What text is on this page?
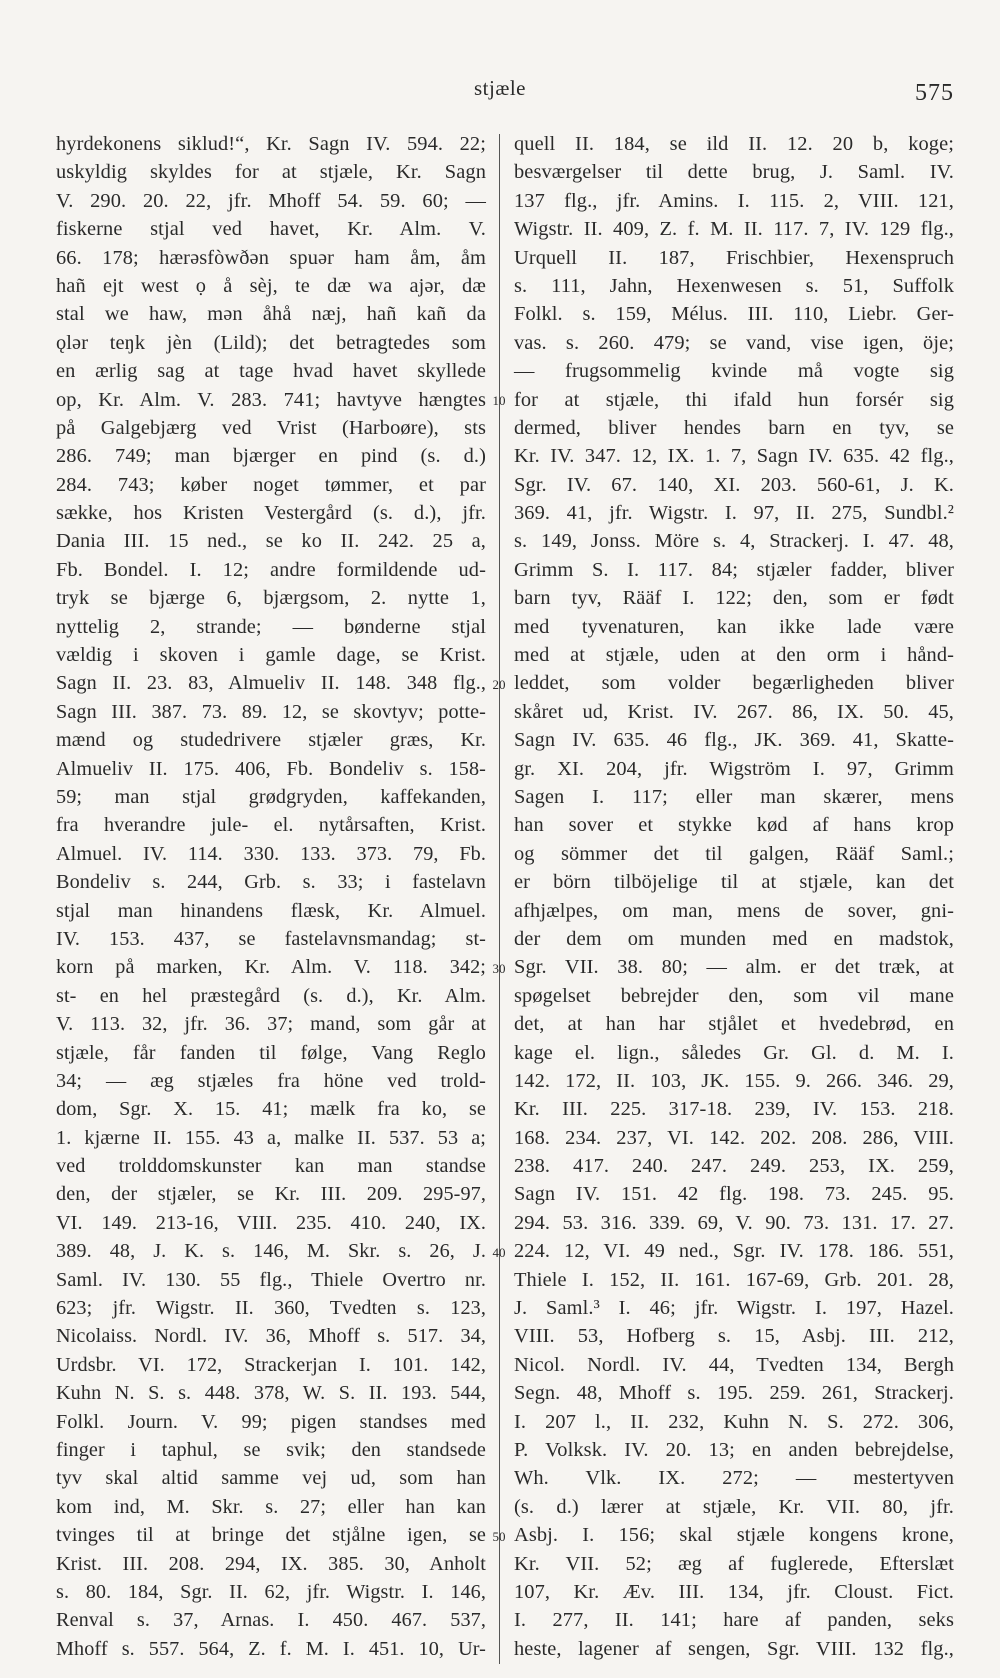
stjæle	575
hyrdekonens siklud!“, Kr. Sagn IV. 594. 22;
uskyldig skyldes for at stjæle, Kr. Sagn
V. 290. 20. 22, jfr. Mhoff 54. 59. 60; —
fiskerne stjal ved havet, Kr. Alm. V.
66. 178; hærəsfòwðən spuər ham åm, åm
hañ ejt west ọ å sèj, te dæ wa ajər, dæ
stal we haw, mən åhå næj, hañ kañ da
ǫlər teŋk jèn (Lild); det betragtedes som
en ærlig sag at tage hvad havet skyllede
op, Kr. Alm. V. 283. 741; havtyve hængtes
på Galgebjærg ved Vrist (Harboøre), sts
286. 749; man bjærger en pind (s. d.)
284. 743; køber noget tømmer, et par
sække, hos Kristen Vestergård (s. d.), jfr.
Dania III. 15 ned., se ko II. 242. 25 a,
Fb. Bondel. I. 12; andre formildende ud-
tryk se bjærge 6, bjærgsom, 2. nytte 1,
nyttelig 2, strande; — bønderne stjal
vældig i skoven i gamle dage, se Krist.
Sagn II. 23. 83, Almueliv II. 148. 348 flg.,
Sagn III. 387. 73. 89. 12, se skovtyv; potte-
mænd og studedrivere stjæler græs, Kr.
Almueliv II. 175. 406, Fb. Bondeliv s. 158-
59; man stjal grødgryden, kaffekanden,
fra hverandre jule- el. nytårsaften, Krist.
Almuel. IV. 114. 330. 133. 373. 79, Fb.
Bondeliv s. 244, Grb. s. 33; i fastelavn
stjal man hinandens flæsk, Kr. Almuel.
IV. 153. 437, se fastelavnsmandag; st-
korn på marken, Kr. Alm. V. 118. 342;
st- en hel præstegård (s. d.), Kr. Alm.
V. 113. 32, jfr. 36. 37; mand, som går at
stjæle, får fanden til følge, Vang Reglo
34; — æg stjæles fra höne ved trold-
dom, Sgr. X. 15. 41; mælk fra ko, se
1. kjærne II. 155. 43 a, malke II. 537. 53 a;
ved trolddomskunster kan man standse
den, der stjæler, se Kr. III. 209. 295-97,
VI. 149. 213-16, VIII. 235. 410. 240, IX.
389. 48, J. K. s. 146, M. Skr. s. 26, J.
Saml. IV. 130. 55 flg., Thiele Overtro nr.
623; jfr. Wigstr. II. 360, Tvedten s. 123,
Nicolaiss. Nordl. IV. 36, Mhoff s. 517. 34,
Urdsbr. VI. 172, Strackerjan I. 101. 142,
Kuhn N. S. s. 448. 378, W. S. II. 193. 544,
Folkl. Journ. V. 99; pigen standses med
finger i taphul, se svik; den standsede
tyv skal altid samme vej ud, som han
kom ind, M. Skr. s. 27; eller han kan
tvinges til at bringe det stjålne igen, se
Krist. III. 208. 294, IX. 385. 30, Anholt
s. 80. 184, Sgr. II. 62, jfr. Wigstr. I. 146,
Renval s. 37, Arnas. I. 450. 467. 537,
Mhoff s. 557. 564, Z. f. M. I. 451. 10, Ur-
quell II. 184, se ild II. 12. 20 b, koge;
besværgelser til dette brug, J. Saml. IV.
137 flg., jfr. Amins. I. 115. 2, VIII. 121,
Wigstr. II. 409, Z. f. M. II. 117. 7, IV. 129 flg.,
Urquell II. 187, Frischbier, Hexenspruch
s. 111, Jahn, Hexenwesen s. 51, Suffolk
Folkl. s. 159, Mélus. III. 110, Liebr. Ger-
vas. s. 260. 479; se vand, vise igen, öje;
— frugsommelig kvinde må vogte sig
for at stjæle, thi ifald hun forsér sig
dermed, bliver hendes barn en tyv, se
Kr. IV. 347. 12, IX. 1. 7, Sagn IV. 635. 42 flg.,
Sgr. IV. 67. 140, XI. 203. 560-61, J. K.
369. 41, jfr. Wigstr. I. 97, II. 275, Sundbl.²
s. 149, Jonss. Möre s. 4, Strackerj. I. 47. 48,
Grimm S. I. 117. 84; stjæler fadder, bliver
barn tyv, Rääf I. 122; den, som er født
med tyvenaturen, kan ikke lade være
med at stjæle, uden at den orm i hånd-
leddet, som volder begærligheden bliver
skåret ud, Krist. IV. 267. 86, IX. 50. 45,
Sagn IV. 635. 46 flg., JK. 369. 41, Skatte-
gr. XI. 204, jfr. Wigström I. 97, Grimm
Sagen I. 117; eller man skærer, mens
han sover et stykke kød af hans krop
og sömmer det til galgen, Rääf Saml.;
er börn tilböjelige til at stjæle, kan det
afhjælpes, om man, mens de sover, gni-
der dem om munden med en madstok,
Sgr. VII. 38. 80; — alm. er det træk, at
spøgelset bebrejder den, som vil mane
det, at han har stjålet et hvedebrød, en
kage el. lign., således Gr. Gl. d. M. I.
142. 172, II. 103, JK. 155. 9. 266. 346. 29,
Kr. III. 225. 317-18. 239, IV. 153. 218.
168. 234. 237, VI. 142. 202. 208. 286, VIII.
238. 417. 240. 247. 249. 253, IX. 259,
Sagn IV. 151. 42 flg. 198. 73. 245. 95.
294. 53. 316. 339. 69, V. 90. 73. 131. 17. 27.
224. 12, VI. 49 ned., Sgr. IV. 178. 186. 551,
Thiele I. 152, II. 161. 167-69, Grb. 201. 28,
J. Saml.³ I. 46; jfr. Wigstr. I. 197, Hazel.
VIII. 53, Hofberg s. 15, Asbj. III. 212,
Nicol. Nordl. IV. 44, Tvedten 134, Bergh
Segn. 48, Mhoff s. 195. 259. 261, Strackerj.
I. 207 l., II. 232, Kuhn N. S. 272. 306,
P. Volksk. IV. 20. 13; en anden bebrejdelse,
Wh. Vlk. IX. 272; — mestertyven
(s. d.) lærer at stjæle, Kr. VII. 80, jfr.
Asbj. I. 156; skal stjæle kongens krone,
Kr. VII. 52; æg af fuglerede, Efterslæt
107, Kr. Æv. III. 134, jfr. Cloust. Fict.
I. 277, II. 141; hare af panden, seks
heste, lagener af sengen, Sgr. VIII. 132 flg.,
10
20
30
40
50
